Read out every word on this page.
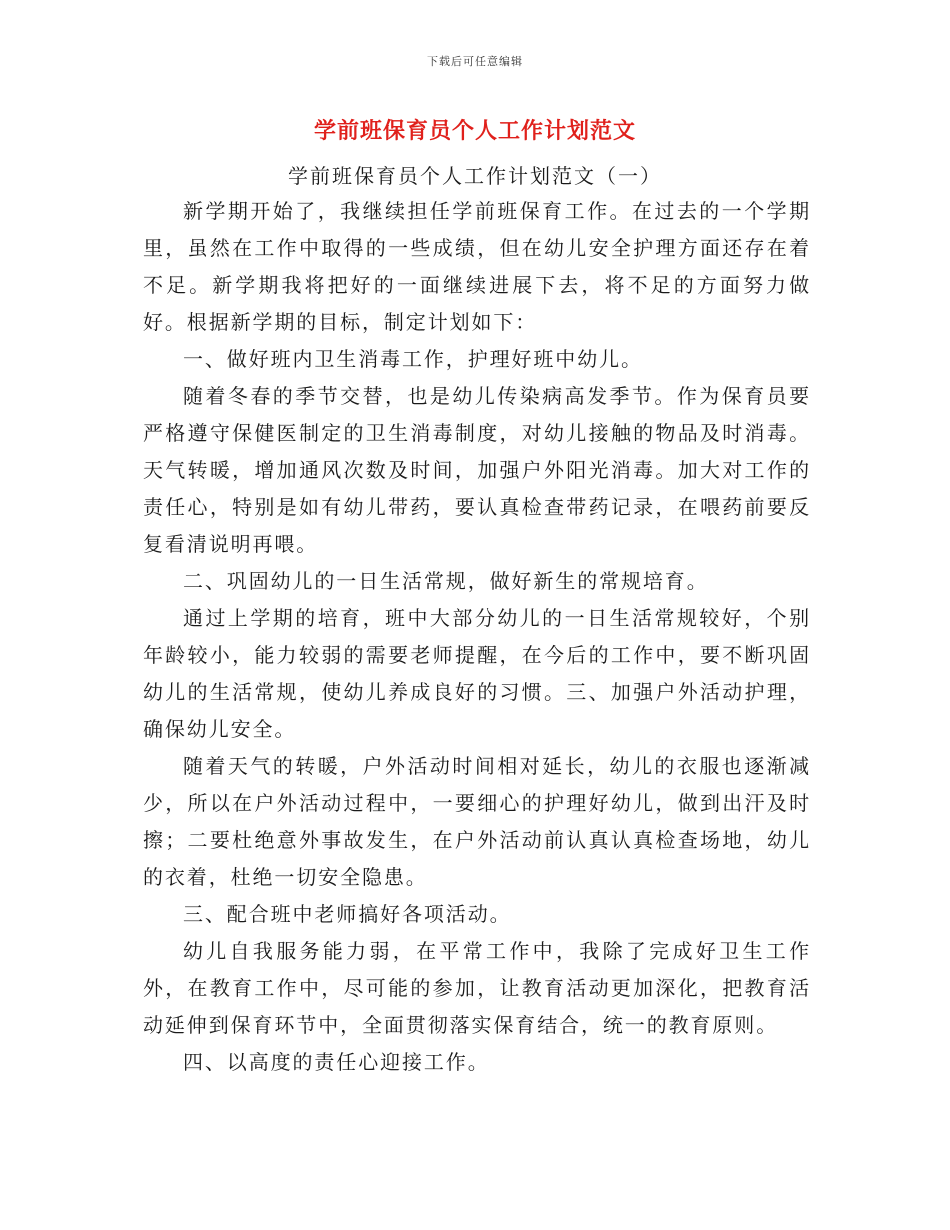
下载后可任意编辑
学前班保育员个人工作计划范文
学前班保育员个人工作计划范文（一）

新学期开始了，我继续担任学前班保育工作。在过去的一个学期里，虽然在工作中取得的一些成绩，但在幼儿安全护理方面还存在着不足。新学期我将把好的一面继续进展下去，将不足的方面努力做好。根据新学期的目标，制定计划如下：

一、做好班内卫生消毒工作，护理好班中幼儿。

随着冬春的季节交替，也是幼儿传染病高发季节。作为保育员要严格遵守保健医制定的卫生消毒制度，对幼儿接触的物品及时消毒。天气转暖，增加通风次数及时间，加强户外阳光消毒。加大对工作的责任心，特别是如有幼儿带药，要认真检查带药记录，在喂药前要反复看清说明再喂。

二、巩固幼儿的一日生活常规，做好新生的常规培育。

通过上学期的培育，班中大部分幼儿的一日生活常规较好，个别年龄较小，能力较弱的需要老师提醒，在今后的工作中，要不断巩固幼儿的生活常规，使幼儿养成良好的习惯。三、加强户外活动护理，确保幼儿安全。

随着天气的转暖，户外活动时间相对延长，幼儿的衣服也逐渐减少，所以在户外活动过程中，一要细心的护理好幼儿，做到出汗及时擦；二要杜绝意外事故发生，在户外活动前认真认真检查场地，幼儿的衣着，杜绝一切安全隐患。

三、配合班中老师搞好各项活动。

幼儿自我服务能力弱，在平常工作中，我除了完成好卫生工作外，在教育工作中，尽可能的参加，让教育活动更加深化，把教育活动延伸到保育环节中，全面贯彻落实保育结合，统一的教育原则。

四、以高度的责任心迎接工作。
